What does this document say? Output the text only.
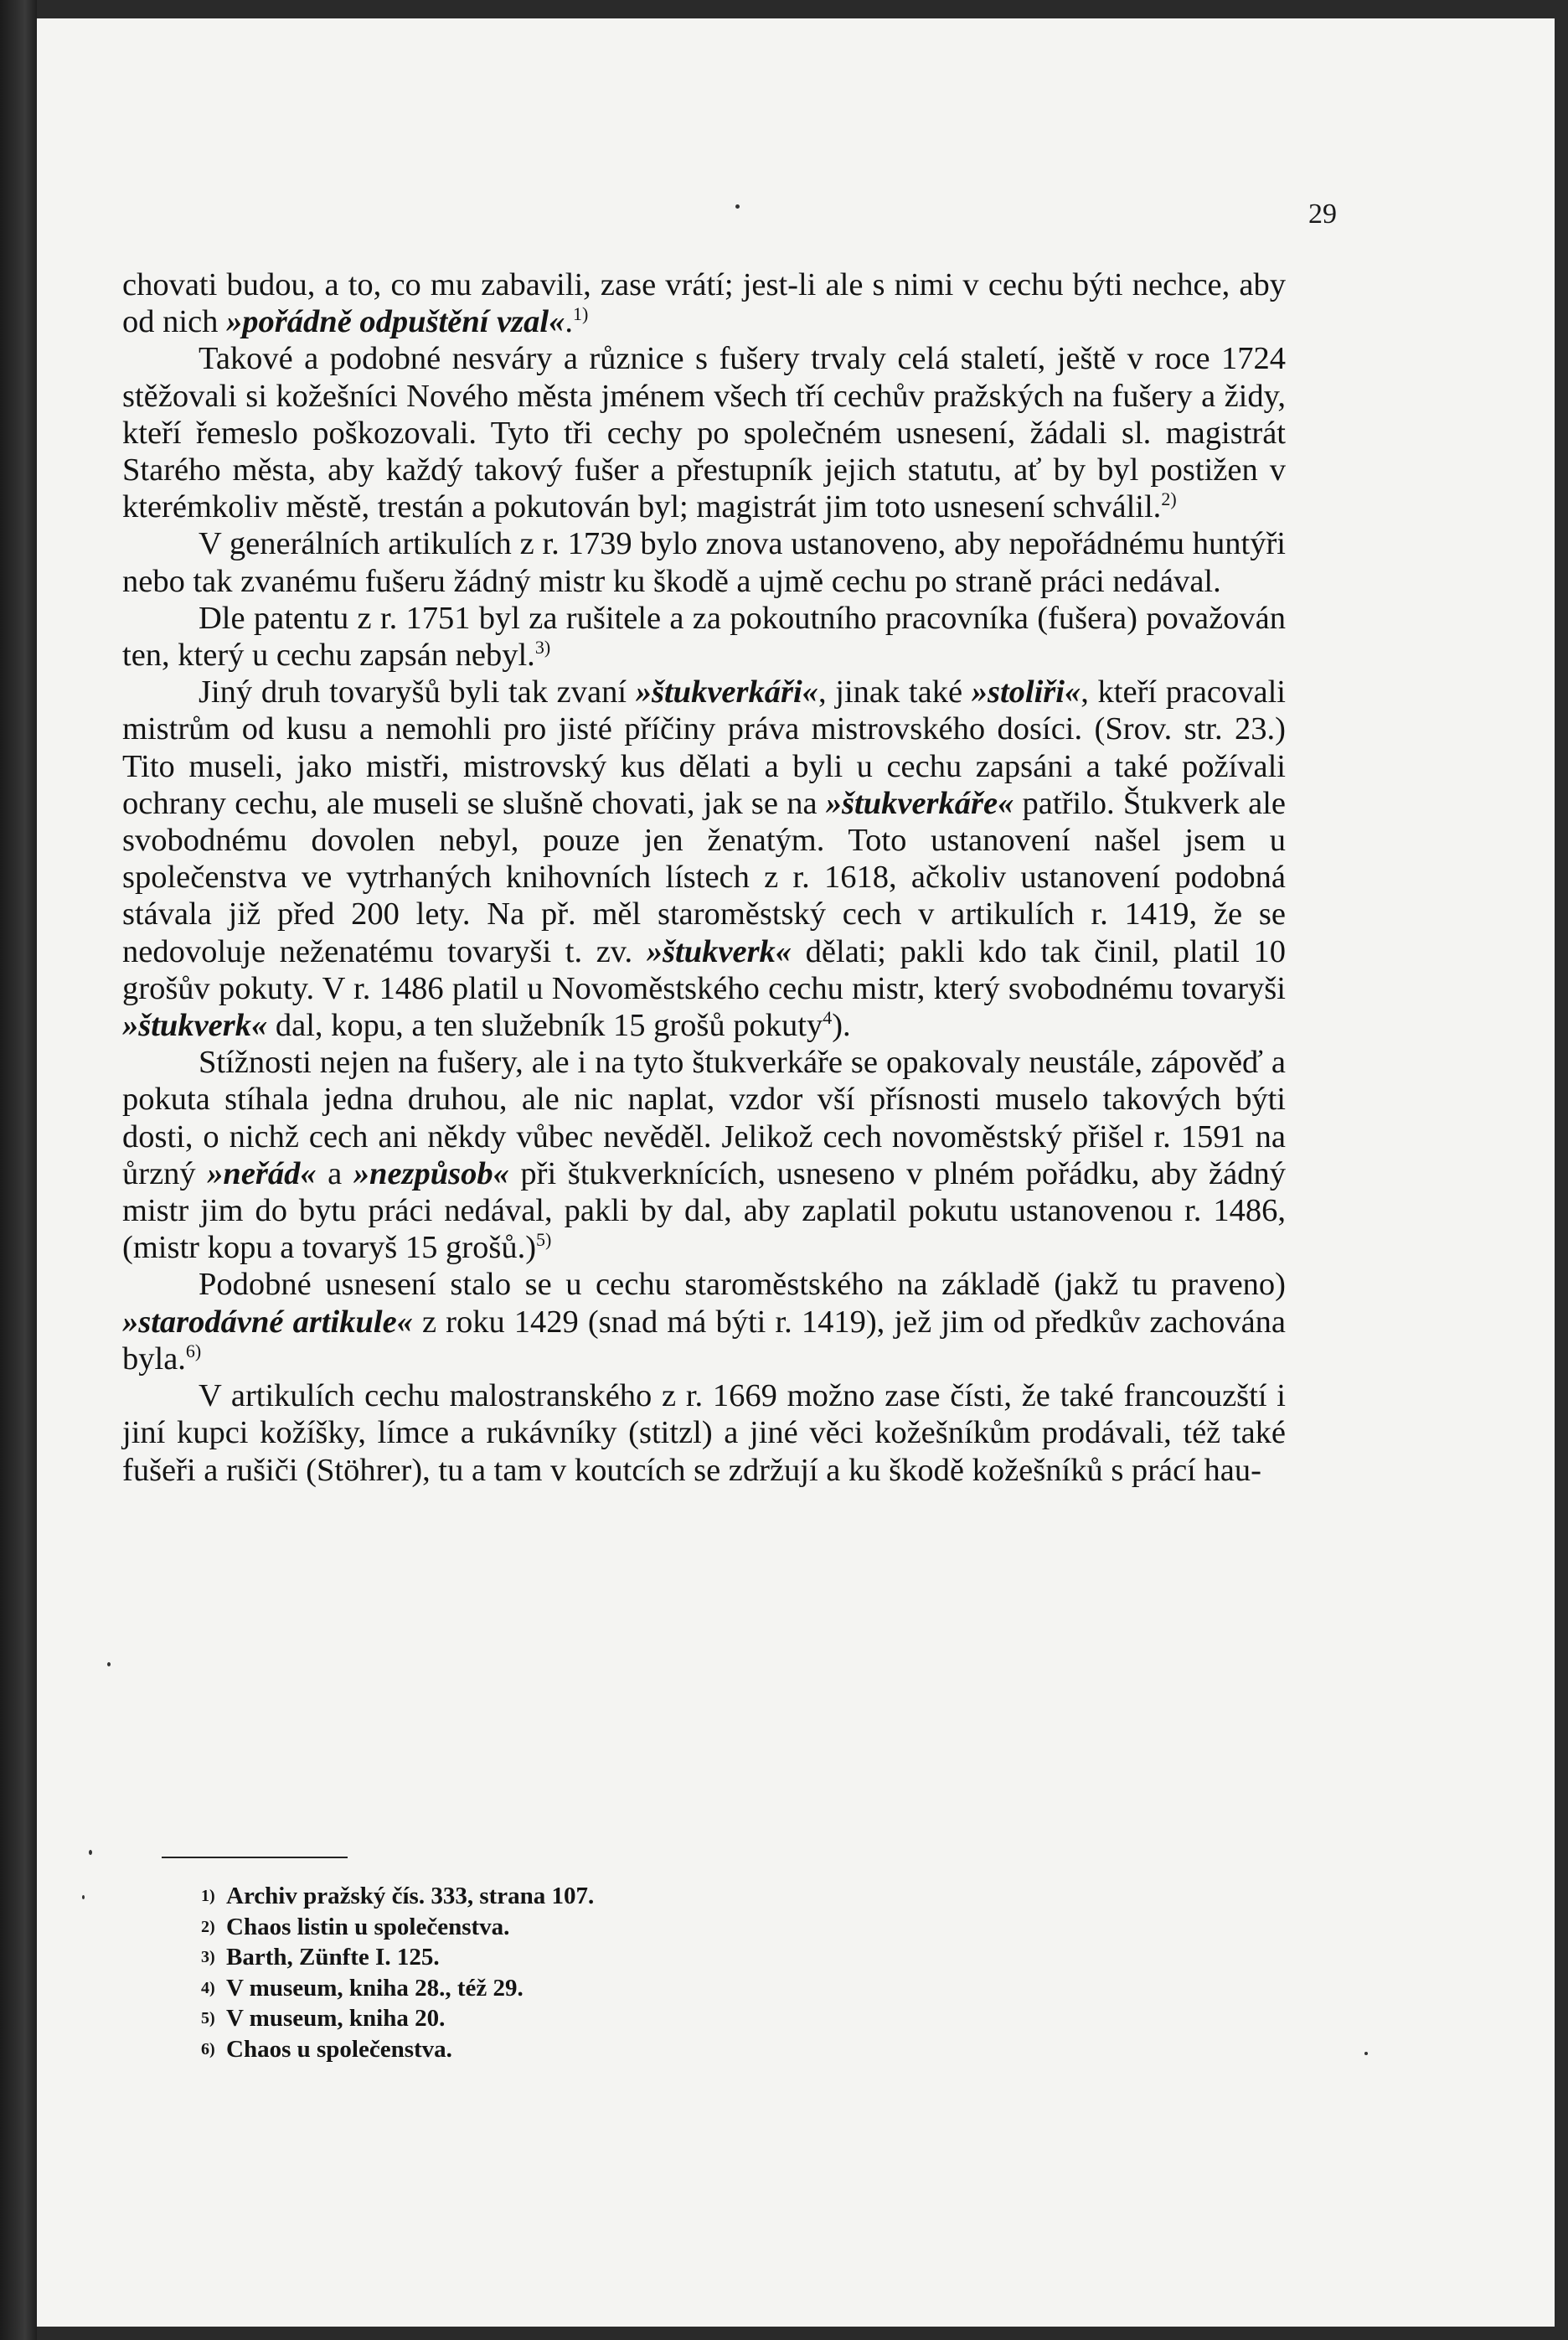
29

chovati budou, a to, co mu zabavili, zase vrátí; jest-li ale s nimi v cechu býti nechce, aby od nich »pořádně odpuštění vzal«.$^{1)}$

Takové a podobné nesváry a různice s fušery trvaly celá staletí, ještě v roce 1724 stěžovali si kožešníci Nového města jménem všech tří cechův pražských na fušery a židy, kteří řemeslo poškozovali. Tyto tři cechy po společném usnesení, žádali sl. magistrát Starého města, aby každý takový fušer a přestupník jejich statutu, ať by byl postižen v kterémkoliv městě, trestán a pokutován byl; magistrát jim toto usnesení schválil.$^{2)}$

V generálních artikulích z r. 1739 bylo znova ustanoveno, aby nepořádnému huntýři nebo tak zvanému fušeru žádný mistr ku škodě a ujmě cechu po straně práci nedával.

Dle patentu z r. 1751 byl za rušitele a za pokoutního pracovníka (fušera) považován ten, který u cechu zapsán nebyl.$^{3)}$

Jiný druh tovaryšů byli tak zvaní »štukverkáři«, jinak také »stoliři«, kteří pracovali mistrům od kusu a nemohli pro jisté příčiny práva mistrovského dosíci. (Srov. str. 23.) Tito museli, jako mistři, mistrovský kus dělati a byli u cechu zapsáni a také požívali ochrany cechu, ale museli se slušně chovati, jak se na »štukverkáře« patřilo. Štukverk ale svobodnému dovolen nebyl, pouze jen ženatým. Toto ustanovení našel jsem u společenstva ve vytrhaných knihovních lístech z r. 1618, ačkoliv ustanovení podobná stávala již před 200 lety. Na př. měl staroměstský cech v artikulích r. 1419, že se nedovoluje neženatému tovaryši t. zv. »štukverk« dělati; pakli kdo tak činil, platil 10 grošův pokuty. V r. 1486 platil u Novoměstského cechu mistr, který svobodnému tovaryši »štukverk« dal, kopu, a ten služebník 15 grošů pokuty$^4$).

Stížnosti nejen na fušery, ale i na tyto štukverkáře se opakovaly neustále, zápověď a pokuta stíhala jedna druhou, ale nic naplat, vzdor vší přísnosti muselo takových býti dosti, o nichž cech ani někdy vůbec nevěděl. Jelikož cech novoměstský přišel r. 1591 na ůrzný »neřád« a »nezpůsob« při štukverknících, usneseno v plném pořádku, aby žádný mistr jim do bytu práci nedával, pakli by dal, aby zaplatil pokutu ustanovenou r. 1486, (mistr kopu a tovaryš 15 grošů.)$^{5)}$

Podobné usnesení stalo se u cechu staroměstského na základě (jakž tu praveno) »starodávné artikule« z roku 1429 (snad má býti r. 1419), jež jim od předkův zachována byla.$^{6)}$

V artikulích cechu malostranského z r. 1669 možno zase čísti, že také francouzští i jiní kupci kožíšky, límce a rukávníky (stitzl) a jiné věci kožešníkům prodávali, též také fušeři a rušiči (Stöhrer), tu a tam v koutcích se zdržují a ku škodě kožešníků s prácí hau-

1) Archiv pražský čís. 333, strana 107.
2) Chaos listin u společenstva.
3) Barth, Zünfte I. 125.
4) V museum, kniha 28., též 29.
5) V museum, kniha 20.
6) Chaos u společenstva.
